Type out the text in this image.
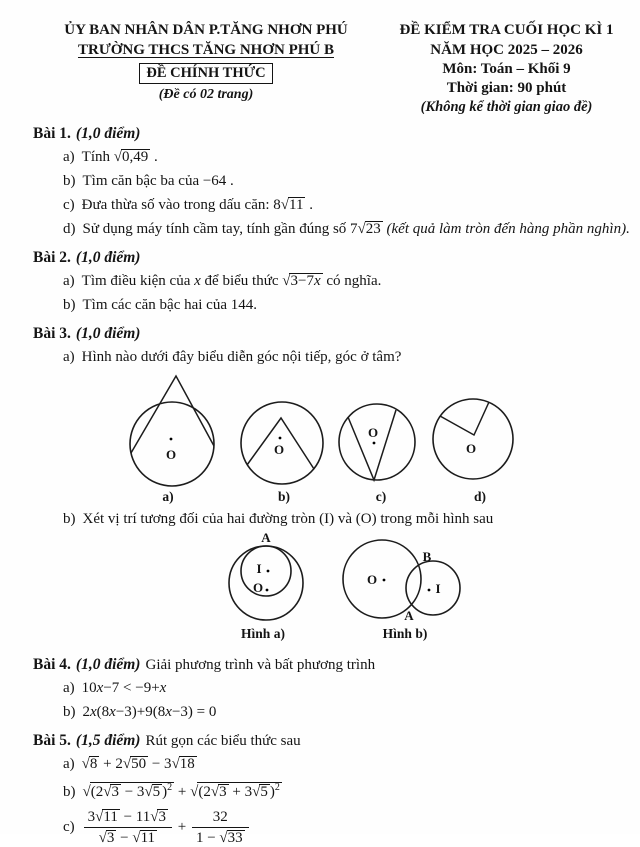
ỦY BAN NHÂN DÂN P.TĂNG NHƠN PHÚ
TRƯỜNG THCS TĂNG NHƠN PHÚ B
ĐỀ CHÍNH THỨC
(Đề có 02 trang)
ĐỀ KIỂM TRA CUỐI HỌC KÌ 1
NĂM HỌC 2025 – 2026
Môn: Toán – Khối 9
Thời gian: 90 phút
(Không kể thời gian giao đề)
Bài 1. (1,0 điểm)
a) Tính √0,49 .
b) Tìm căn bậc ba của −64 .
c) Đưa thừa số vào trong dấu căn: 8√11 .
d) Sử dụng máy tính cầm tay, tính gần đúng số 7√23 (kết quả làm tròn đến hàng phần nghìn).
Bài 2. (1,0 điểm)
a) Tìm điều kiện của x để biểu thức √3−7x có nghĩa.
b) Tìm các căn bậc hai của 144.
Bài 3. (1,0 điểm)
a) Hình nào dưới đây biểu diễn góc nội tiếp, góc ở tâm?
O
a)
O
b)
O
c)
O
d)
b) Xét vị trí tương đối của hai đường tròn (I) và (O) trong mỗi hình sau
A
I
O
Hình a)
B
A
O
I
Hình b)
Bài 4. (1,0 điểm) Giải phương trình và bất phương trình
a) 10x−7 < −9+x
b) 2x(8x−3)+9(8x−3) = 0
Bài 5. (1,5 điểm) Rút gọn các biểu thức sau
a) √8 + 2√50 − 3√18
b) √(2√3 − 3√5 )$^2$ + √(2√3 + 3√5 )$^2$
$c) \frac{3√11 - 11√3}{√3 - √11} + \frac{32}{1 - √33}$
